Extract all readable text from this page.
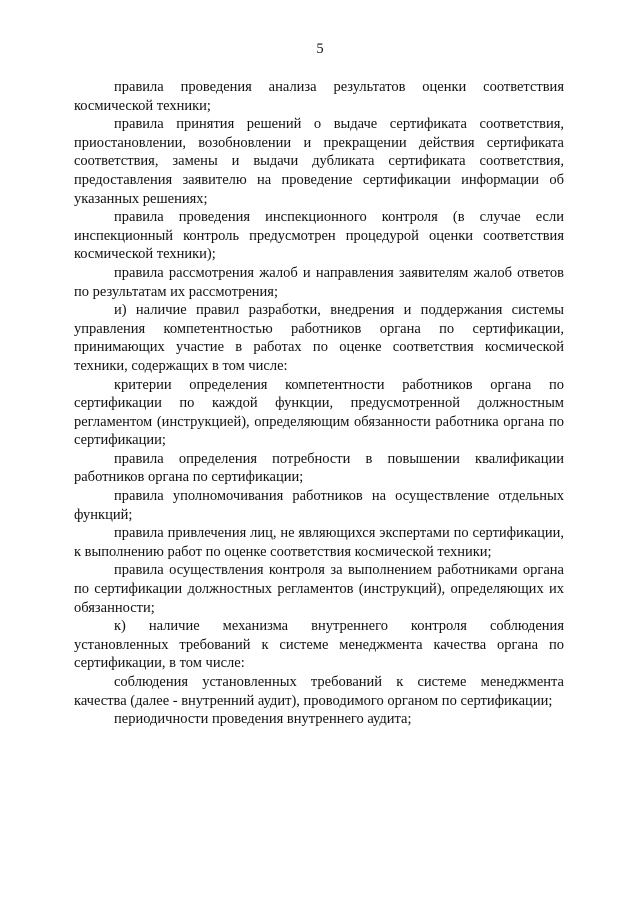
5

правила проведения анализа результатов оценки соответствия космической техники;

правила принятия решений о выдаче сертификата соответствия, приостановлении, возобновлении и прекращении действия сертификата соответствия, замены и выдачи дубликата сертификата соответствия, предоставления заявителю на проведение сертификации информации об указанных решениях;

правила проведения инспекционного контроля (в случае если инспекционный контроль предусмотрен процедурой оценки соответствия космической техники);

правила рассмотрения жалоб и направления заявителям жалоб ответов по результатам их рассмотрения;

и) наличие правил разработки, внедрения и поддержания системы управления компетентностью работников органа по сертификации, принимающих участие в работах по оценке соответствия космической техники, содержащих в том числе:

критерии определения компетентности работников органа по сертификации по каждой функции, предусмотренной должностным регламентом (инструкцией), определяющим обязанности работника органа по сертификации;

правила определения потребности в повышении квалификации работников органа по сертификации;

правила уполномочивания работников на осуществление отдельных функций;

правила привлечения лиц, не являющихся экспертами по сертификации, к выполнению работ по оценке соответствия космической техники;

правила осуществления контроля за выполнением работниками органа по сертификации должностных регламентов (инструкций), определяющих их обязанности;

к) наличие механизма внутреннего контроля соблюдения установленных требований к системе менеджмента качества органа по сертификации, в том числе:

соблюдения установленных требований к системе менеджмента качества (далее - внутренний аудит), проводимого органом по сертификации;

периодичности проведения внутреннего аудита;
